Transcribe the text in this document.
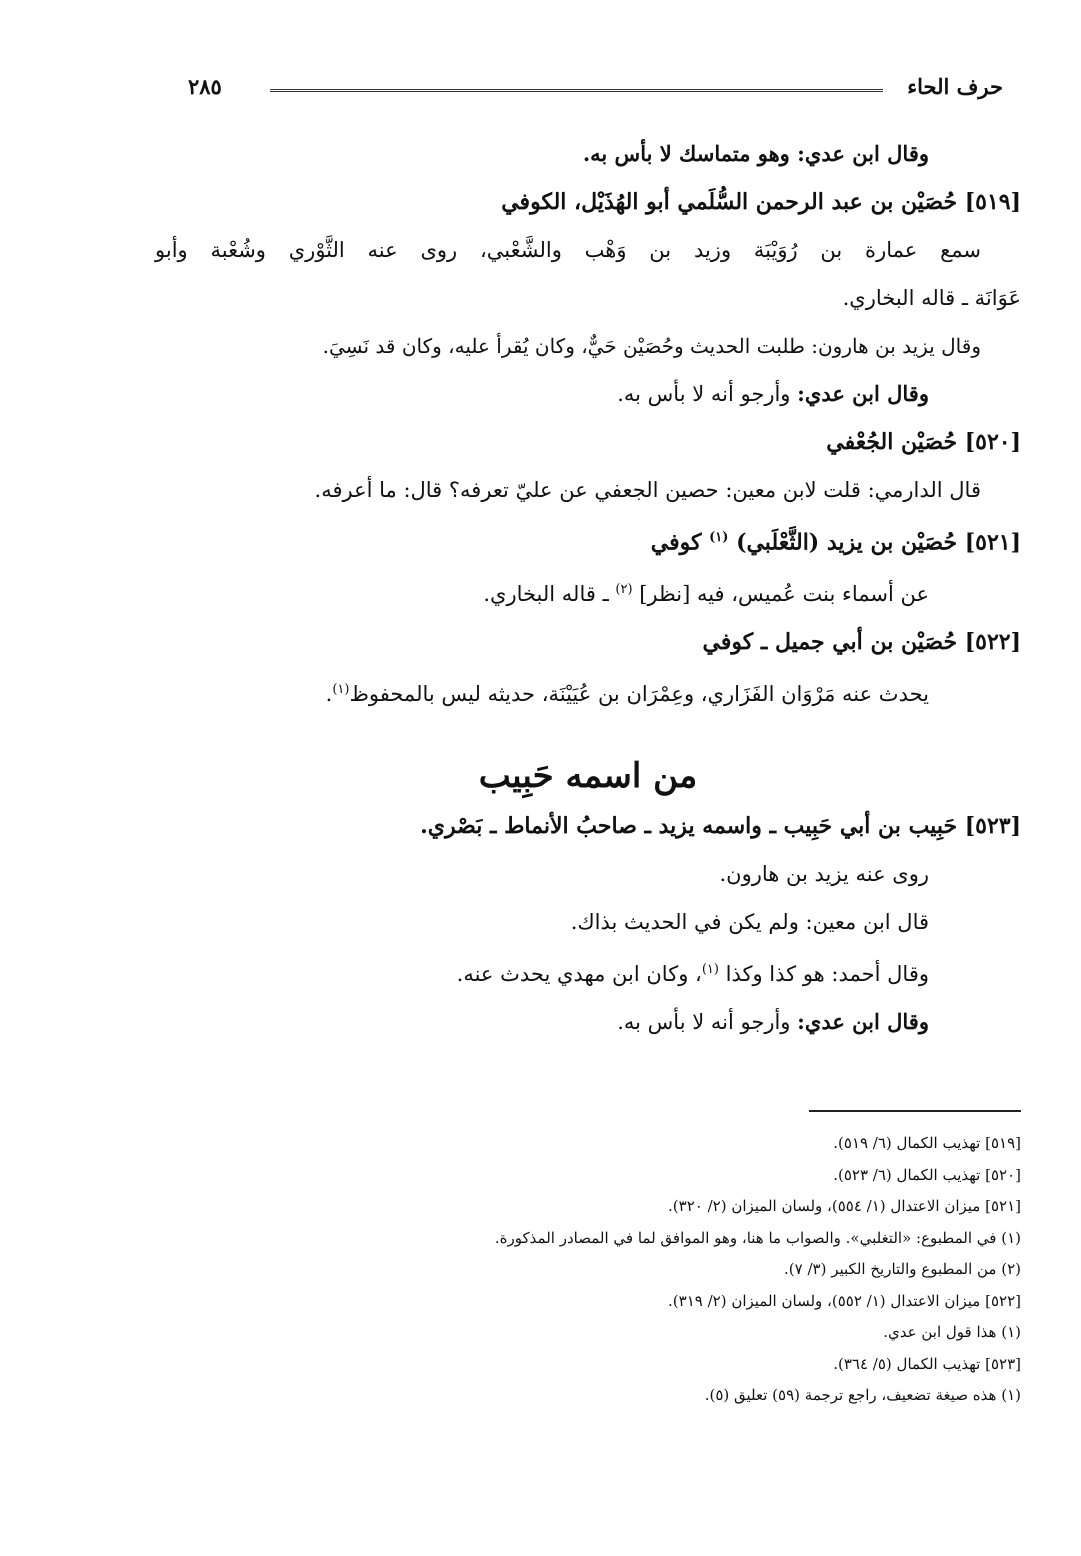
حرف الحاء
٢٨٥
وقال ابن عدي: وهو متماسك لا بأس به.
[٥١٩] حُصَيْن بن عبد الرحمن السُّلَمي أبو الهُذَيْل، الكوفي
سمع عمارة بن رُوَيْبَة وزيد بن وَهْب والشَّعْبي، روى عنه الثَّوْري وشُعْبة وأبو
عَوَانَة ـ قاله البخاري.
وقال يزيد بن هارون: طلبت الحديث وحُصَيْن حَيٌّ، وكان يُقرأ عليه، وكان قد نَسِيَ.
وقال ابن عدي: وأرجو أنه لا بأس به.
[٥٢٠] حُصَيْن الجُعْفي
قال الدارمي: قلت لابن معين: حصين الجعفي عن عليّ تعرفه؟ قال: ما أعرفه.
[٥٢١] حُصَيْن بن يزيد (الثَّعْلَبي) $^{(١)}$ كوفي
عن أسماء بنت عُميس، فيه [نظر] $^{(٢)}$ ـ قاله البخاري.
[٥٢٢] حُصَيْن بن أبي جميل ـ كوفي
يحدث عنه مَرْوَان الفَزَاري، وعِمْرَان بن عُيَيْنَة، حديثه ليس بالمحفوظ$^{(١)}$.
من اسمه حَبِيب
[٥٢٣] حَبِيب بن أبي حَبِيب ـ واسمه يزيد ـ صاحبُ الأنماط ـ بَصْري.
روى عنه يزيد بن هارون.
قال ابن معين: ولم يكن في الحديث بذاك.
وقال أحمد: هو كذا وكذا $^{(١)}$، وكان ابن مهدي يحدث عنه.
وقال ابن عدي: وأرجو أنه لا بأس به.
[٥١٩] تهذيب الكمال (٦/ ٥١٩).
[٥٢٠] تهذيب الكمال (٦/ ٥٢٣).
[٥٢١] ميزان الاعتدال (١/ ٥٥٤)، ولسان الميزان (٢/ ٣٢٠).
(١) في المطبوع: «التغلبي». والصواب ما هنا، وهو الموافق لما في المصادر المذكورة.
(٢) من المطبوع والتاريخ الكبير (٣/ ٧).
[٥٢٢] ميزان الاعتدال (١/ ٥٥٢)، ولسان الميزان (٢/ ٣١٩).
(١) هذا قول ابن عدي.
[٥٢٣] تهذيب الكمال (٥/ ٣٦٤).
(١) هذه صيغة تضعيف، راجع ترجمة (٥٩) تعليق (٥).
